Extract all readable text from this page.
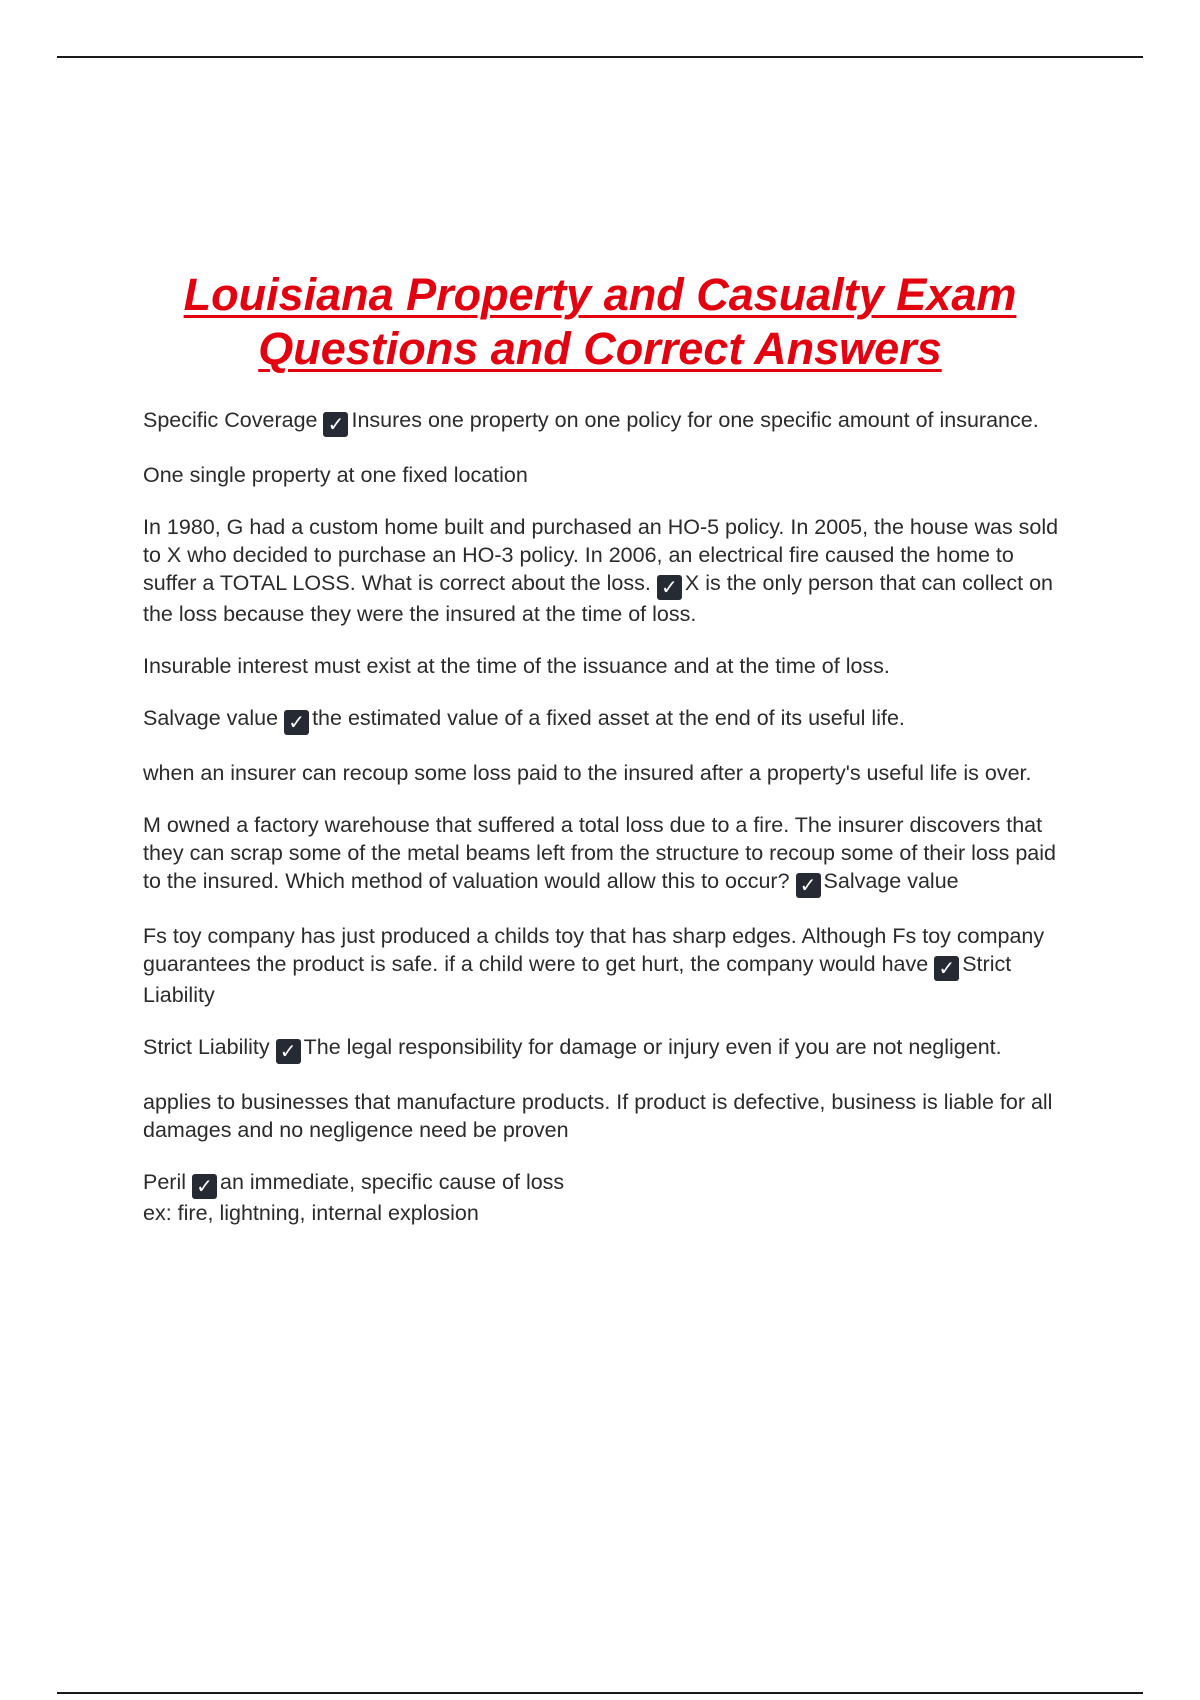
Louisiana Property and Casualty Exam
Questions and Correct Answers

Specific Coverage ✓ Insures one property on one policy for one specific amount of insurance.

One single property at one fixed location

In 1980, G had a custom home built and purchased an HO-5 policy. In 2005, the house was sold to X who decided to purchase an HO-3 policy. In 2006, an electrical fire caused the home to suffer a TOTAL LOSS. What is correct about the loss. ✓ X is the only person that can collect on the loss because they were the insured at the time of loss.

Insurable interest must exist at the time of the issuance and at the time of loss.

Salvage value ✓ the estimated value of a fixed asset at the end of its useful life.

when an insurer can recoup some loss paid to the insured after a property's useful life is over.

M owned a factory warehouse that suffered a total loss due to a fire. The insurer discovers that they can scrap some of the metal beams left from the structure to recoup some of their loss paid to the insured. Which method of valuation would allow this to occur? ✓ Salvage value

Fs toy company has just produced a childs toy that has sharp edges. Although Fs toy company guarantees the product is safe. if a child were to get hurt, the company would have ✓ Strict Liability

Strict Liability ✓ The legal responsibility for damage or injury even if you are not negligent.

applies to businesses that manufacture products. If product is defective, business is liable for all damages and no negligence need be proven

Peril ✓ an immediate, specific cause of loss
ex: fire, lightning, internal explosion
